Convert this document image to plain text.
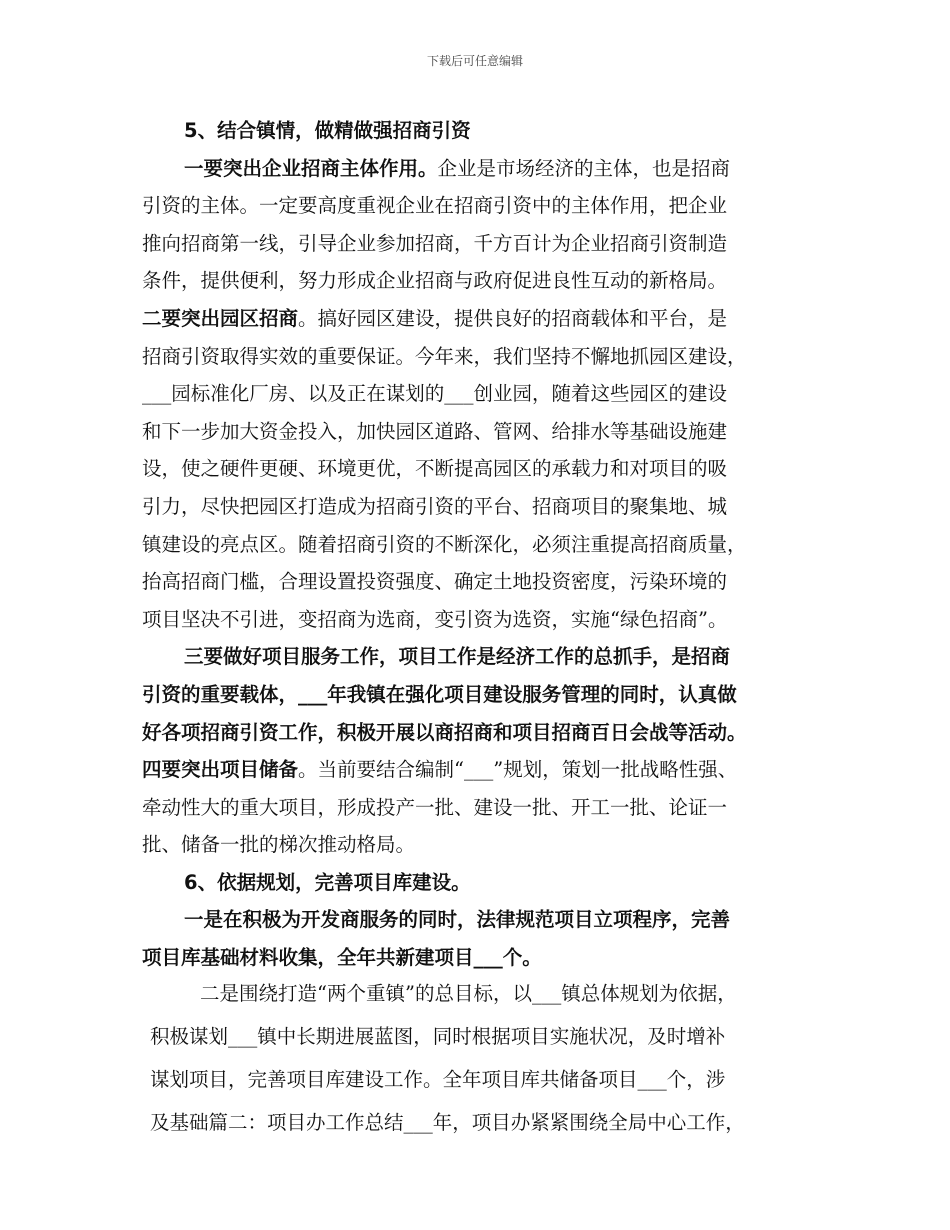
下载后可任意编辑
5、结合镇情，做精做强招商引资
一要突出企业招商主体作用。企业是市场经济的主体，也是招商
引资的主体。一定要高度重视企业在招商引资中的主体作用，把企业
推向招商第一线，引导企业参加招商，千方百计为企业招商引资制造
条件，提供便利，努力形成企业招商与政府促进良性互动的新格局。
二要突出园区招商。搞好园区建设，提供良好的招商载体和平台，是
招商引资取得实效的重要保证。今年来，我们坚持不懈地抓园区建设，
___园标准化厂房、以及正在谋划的___创业园，随着这些园区的建设
和下一步加大资金投入，加快园区道路、管网、给排水等基础设施建
设，使之硬件更硬、环境更优，不断提高园区的承载力和对项目的吸
引力，尽快把园区打造成为招商引资的平台、招商项目的聚集地、城
镇建设的亮点区。随着招商引资的不断深化，必须注重提高招商质量，
抬高招商门槛，合理设置投资强度、确定土地投资密度，污染环境的
项目坚决不引进，变招商为选商，变引资为选资，实施“绿色招商”。
三要做好项目服务工作，项目工作是经济工作的总抓手，是招商
引资的重要载体，___年我镇在强化项目建设服务管理的同时，认真做
好各项招商引资工作，积极开展以商招商和项目招商百日会战等活动。
四要突出项目储备。当前要结合编制“___”规划，策划一批战略性强、
牵动性大的重大项目，形成投产一批、建设一批、开工一批、论证一
批、储备一批的梯次推动格局。
6、依据规划，完善项目库建设。
一是在积极为开发商服务的同时，法律规范项目立项程序，完善
项目库基础材料收集，全年共新建项目___个。
二是围绕打造“两个重镇”的总目标，以___镇总体规划为依据，
积极谋划___镇中长期进展蓝图，同时根据项目实施状况，及时增补
谋划项目，完善项目库建设工作。全年项目库共储备项目___个，涉
及基础篇二：项目办工作总结___年，项目办紧紧围绕全局中心工作，
